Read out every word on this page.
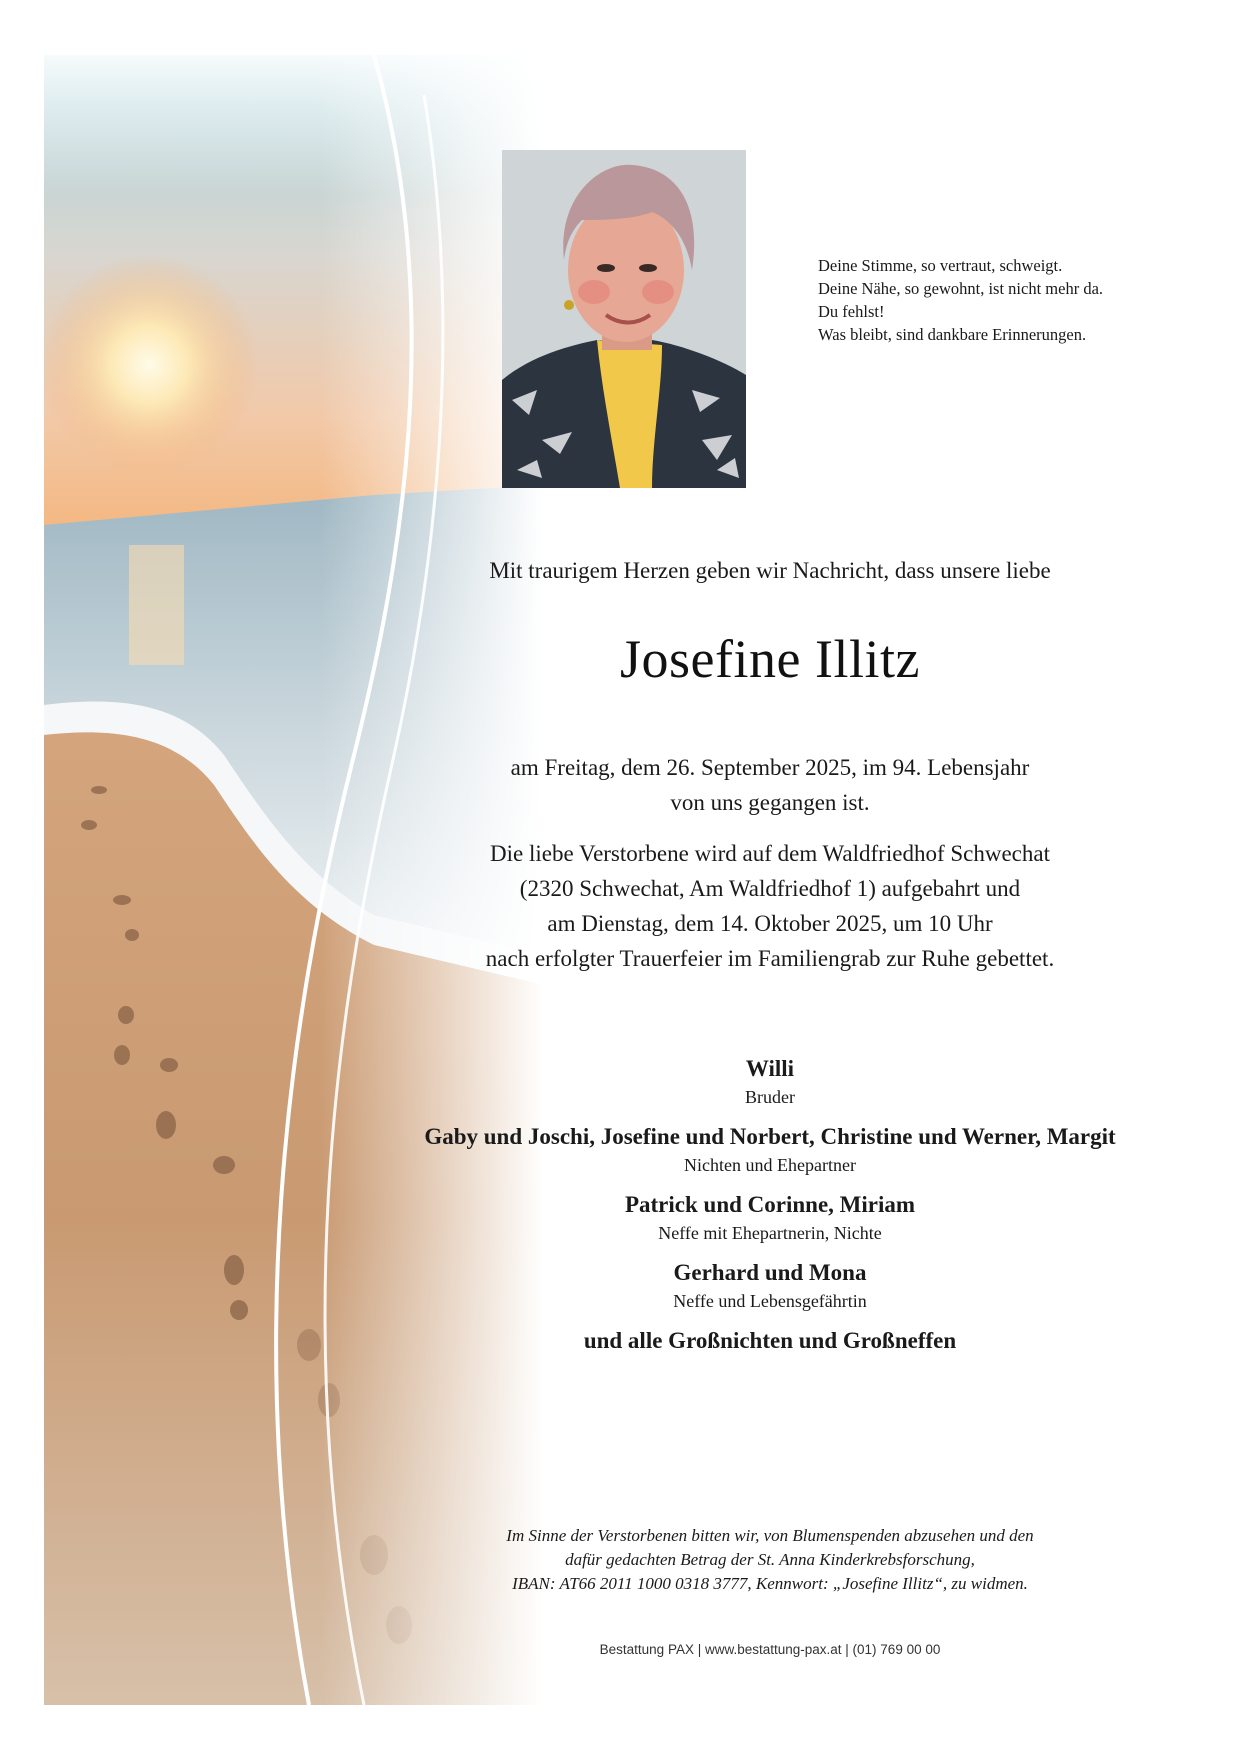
Deine Stimme, so vertraut, schweigt.
Deine Nähe, so gewohnt, ist nicht mehr da.
Du fehlst!
Was bleibt, sind dankbare Erinnerungen.
Mit traurigem Herzen geben wir Nachricht, dass unsere liebe
Josefine Illitz
am Freitag, dem 26. September 2025, im 94. Lebensjahr
von uns gegangen ist.
Die liebe Verstorbene wird auf dem Waldfriedhof Schwechat
(2320 Schwechat, Am Waldfriedhof 1) aufgebahrt und
am Dienstag, dem 14. Oktober 2025, um 10 Uhr
nach erfolgter Trauerfeier im Familiengrab zur Ruhe gebettet.
Willi
Bruder
Gaby und Joschi, Josefine und Norbert, Christine und Werner, Margit
Nichten und Ehepartner
Patrick und Corinne, Miriam
Neffe mit Ehepartnerin, Nichte
Gerhard und Mona
Neffe und Lebensgefährtin
und alle Großnichten und Großneffen
Im Sinne der Verstorbenen bitten wir, von Blumenspenden abzusehen und den
dafür gedachten Betrag der St. Anna Kinderkrebsforschung,
IBAN: AT66 2011 1000 0318 3777, Kennwort: „Josefine Illitz“, zu widmen.
Bestattung PAX | www.bestattung-pax.at | (01) 769 00 00
